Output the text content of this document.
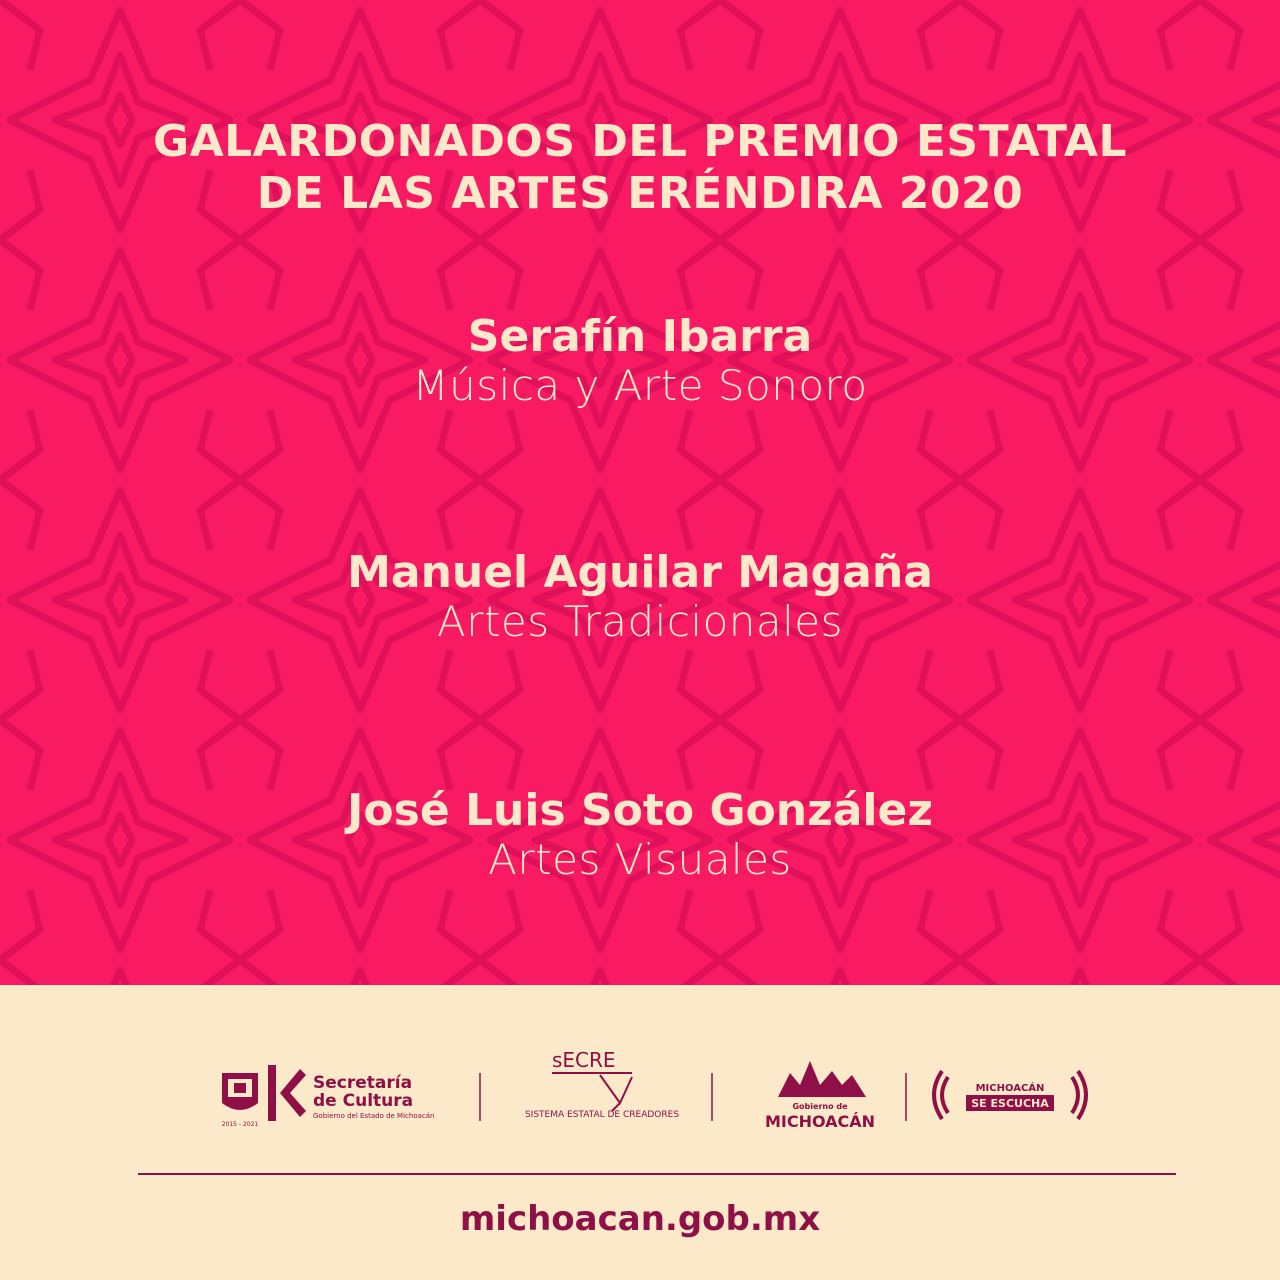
GALARDONADOS DEL PREMIO ESTATAL
DE LAS ARTES ERÉNDIRA 2020
Serafín Ibarra
Música y Arte Sonoro
Manuel Aguilar Magaña
Artes Tradicionales
José Luis Soto González
Artes Visuales
2015 - 2021
Secretaría
de Cultura
Gobierno del Estado de Michoacán
sECRE
SISTEMA ESTATAL DE CREADORES
Gobierno de
MICHOACÁN
MICHOACÁN
SE ESCUCHA
michoacan.gob.mx
